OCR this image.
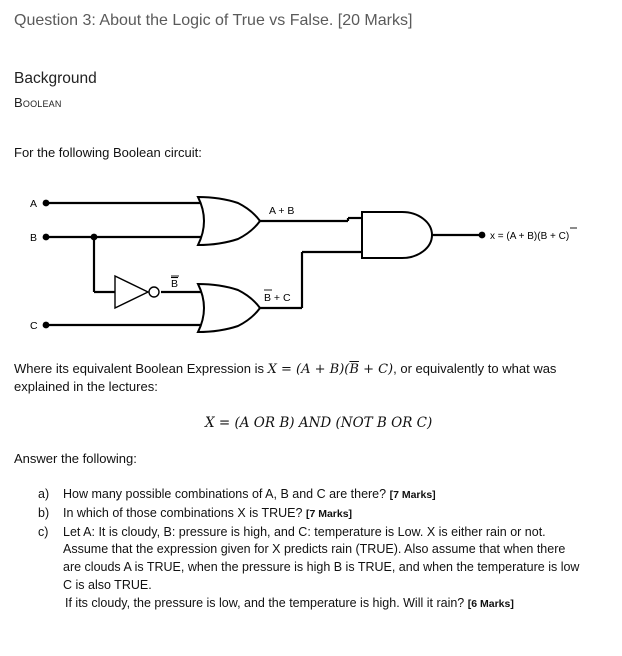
Question 3: About the Logic of True vs False. [20 Marks]
Background
Boolean
For the following Boolean circuit:
A
B
C
A + B
B
B + C
x = (A + B)(B + C)
Where its equivalent Boolean Expression is $X = (A + B)(\overline{B} + C)$, or equivalently to what was
explained in the lectures:
X = (A OR B) AND (NOT B OR C)
Answer the following:
a) How many possible combinations of A, B and C are there? [7 Marks]
b) In which of those combinations X is TRUE? [7 Marks]
c) Let A: It is cloudy, B: pressure is high, and C: temperature is Low. X is either rain or not.
Assume that the expression given for X predicts rain (TRUE). Also assume that when there
are clouds A is TRUE, when the pressure is high B is TRUE, and when the temperature is low
C is also TRUE.
If its cloudy, the pressure is low, and the temperature is high. Will it rain? [6 Marks]
